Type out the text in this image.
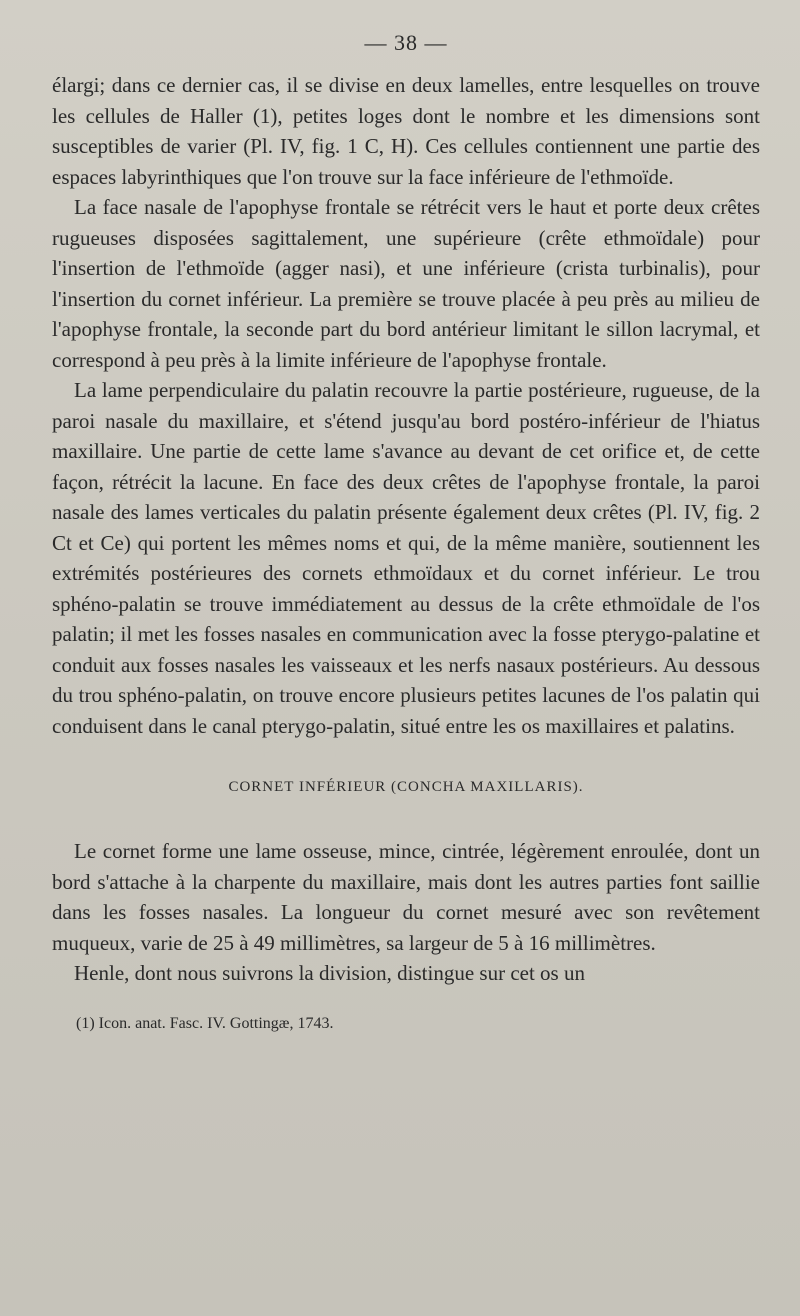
— 38 —

élargi; dans ce dernier cas, il se divise en deux lamelles, entre lesquelles on trouve les cellules de Haller (1), petites loges dont le nombre et les dimensions sont susceptibles de varier (Pl. IV, fig. 1 C, H). Ces cellules contiennent une partie des espaces labyrinthiques que l'on trouve sur la face inférieure de l'ethmoïde.

La face nasale de l'apophyse frontale se rétrécit vers le haut et porte deux crêtes rugueuses disposées sagittalement, une supérieure (crête ethmoïdale) pour l'insertion de l'ethmoïde (agger nasi), et une inférieure (crista turbinalis), pour l'insertion du cornet inférieur. La première se trouve placée à peu près au milieu de l'apophyse frontale, la seconde part du bord antérieur limitant le sillon lacrymal, et correspond à peu près à la limite inférieure de l'apophyse frontale.

La lame perpendiculaire du palatin recouvre la partie postérieure, rugueuse, de la paroi nasale du maxillaire, et s'étend jusqu'au bord postéro-inférieur de l'hiatus maxillaire. Une partie de cette lame s'avance au devant de cet orifice et, de cette façon, rétrécit la lacune. En face des deux crêtes de l'apophyse frontale, la paroi nasale des lames verticales du palatin présente également deux crêtes (Pl. IV, fig. 2 Ct et Ce) qui portent les mêmes noms et qui, de la même manière, soutiennent les extrémités postérieures des cornets ethmoïdaux et du cornet inférieur. Le trou sphéno-palatin se trouve immédiatement au dessus de la crête ethmoïdale de l'os palatin; il met les fosses nasales en communication avec la fosse pterygo-palatine et conduit aux fosses nasales les vaisseaux et les nerfs nasaux postérieurs. Au dessous du trou sphéno-palatin, on trouve encore plusieurs petites lacunes de l'os palatin qui conduisent dans le canal pterygo-palatin, situé entre les os maxillaires et palatins.

CORNET INFÉRIEUR (CONCHA MAXILLARIS).

Le cornet forme une lame osseuse, mince, cintrée, légèrement enroulée, dont un bord s'attache à la charpente du maxillaire, mais dont les autres parties font saillie dans les fosses nasales. La longueur du cornet mesuré avec son revêtement muqueux, varie de 25 à 49 millimètres, sa largeur de 5 à 16 millimètres.

Henle, dont nous suivrons la division, distingue sur cet os un

(1) Icon. anat. Fasc. IV. Gottingæ, 1743.
